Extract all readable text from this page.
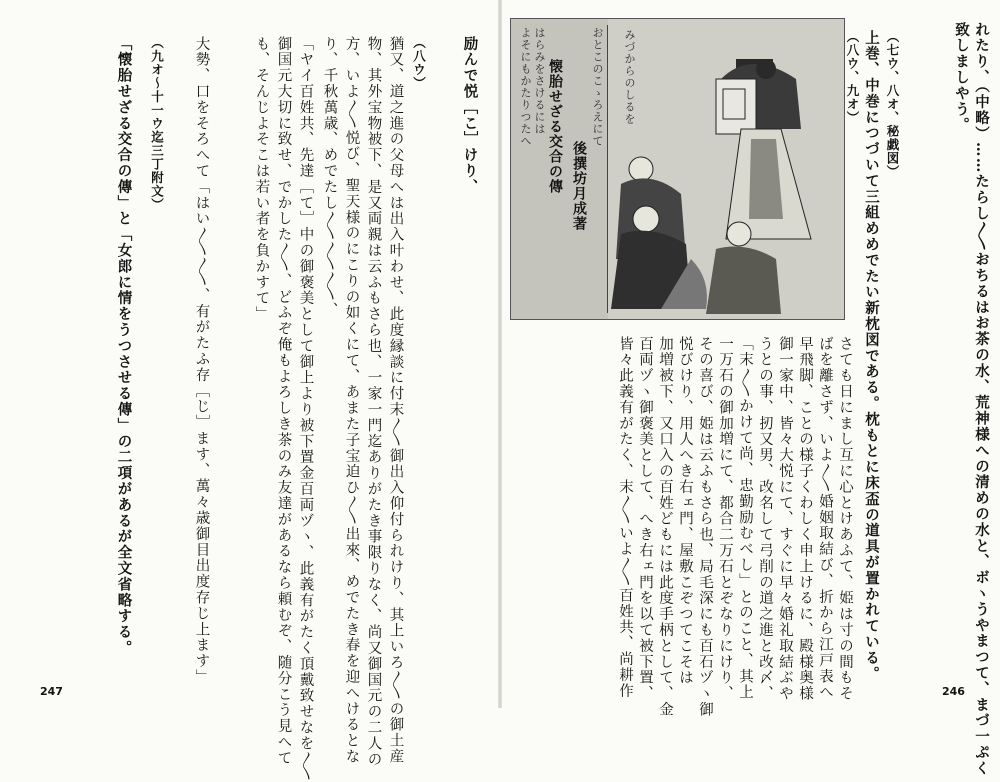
れたり、（中略）……たらし〳〵おちるはお茶の水、荒神様への清めの水と、ボヽうやまつて、まづ一ぷく
致しましやう。
（七ウ、八オ、秘戯図）
上巻、中巻につづいて三組めめでたい新枕図である。枕もとに床盃の道具が置かれている。
（八ウ、九オ）
さても日にまし互に心とけあふて、姫は寸の間もそ
ばを離さず、いよ〳〵婚姻取結び、折から江戸表へ
早飛脚、ことの様子くわしく申上けるに、殿様奥様
御一家中、皆々大悦にて、すぐに早々婚礼取結ぶや
うとの事、扨又男、改名して弓削の道之進と改〆、
「末〳〵かけて尚、忠勤励むべし」とのこと、其上
一万石の御加増にて、都合二万石とぞなりにけり、
その喜び、姫は云ふもさら也、局毛深にも百石ヅヽ御
悦びけり、用人へき右ェ門、屋敷こぞつてこそは
加増被下、又口入の百姓どもには此度手柄として、金
百両ヅヽ御褒美として、へき右ェ門を以て被下置、
皆々此義有がたく、末〳〵いよ〳〵百姓共、尚耕作
懐胎せざる交合の傳 後撰坊月成著
よそにもかたりつたへ はらみをさけるには	おとこのこゝろえにて みづからのしるを
246
励んで悦［こ］けり、
（八ウ）
猶又、道之進の父母へは出入叶わせ、此度縁談に付末〳〵御出入仰付られけり、其上いろ〳〵の御土産
物、其外宝物被下、是又両親は云ふもさら也、一家一門迄ありがたき事限りなく、尚又御国元の二人の
方、いよ〳〵悦び、聖天様のにこりの如くにて、あまた子宝迫ひ〳〵出來、めでたき春を迎へけるとな
り、千秋萬歳、めでたし〳〵〳〵〳〵、
「ヤイ百姓共、先達［て］中の御褒美として御上より被下置金百両ヅヽ、此義有がたく頂戴致せなを〳〵
御国元大切に致せ、でかした〳〵、どふぞ俺もよろしき茶のみ友達があるなら頼むぞ、随分こう見へて
も、そんじよそこは若い者を負かすて」
大勢、口をそろへて「はい〳〵〳〵、有がたふ存［じ］ます、萬々歳御目出度存じ上ます」
（九オ〜十一ウ迄三丁附文）
「懐胎せざる交合の傳」と「女郎に情をうつさせる傳」の二項があるが全文省略する。
247
